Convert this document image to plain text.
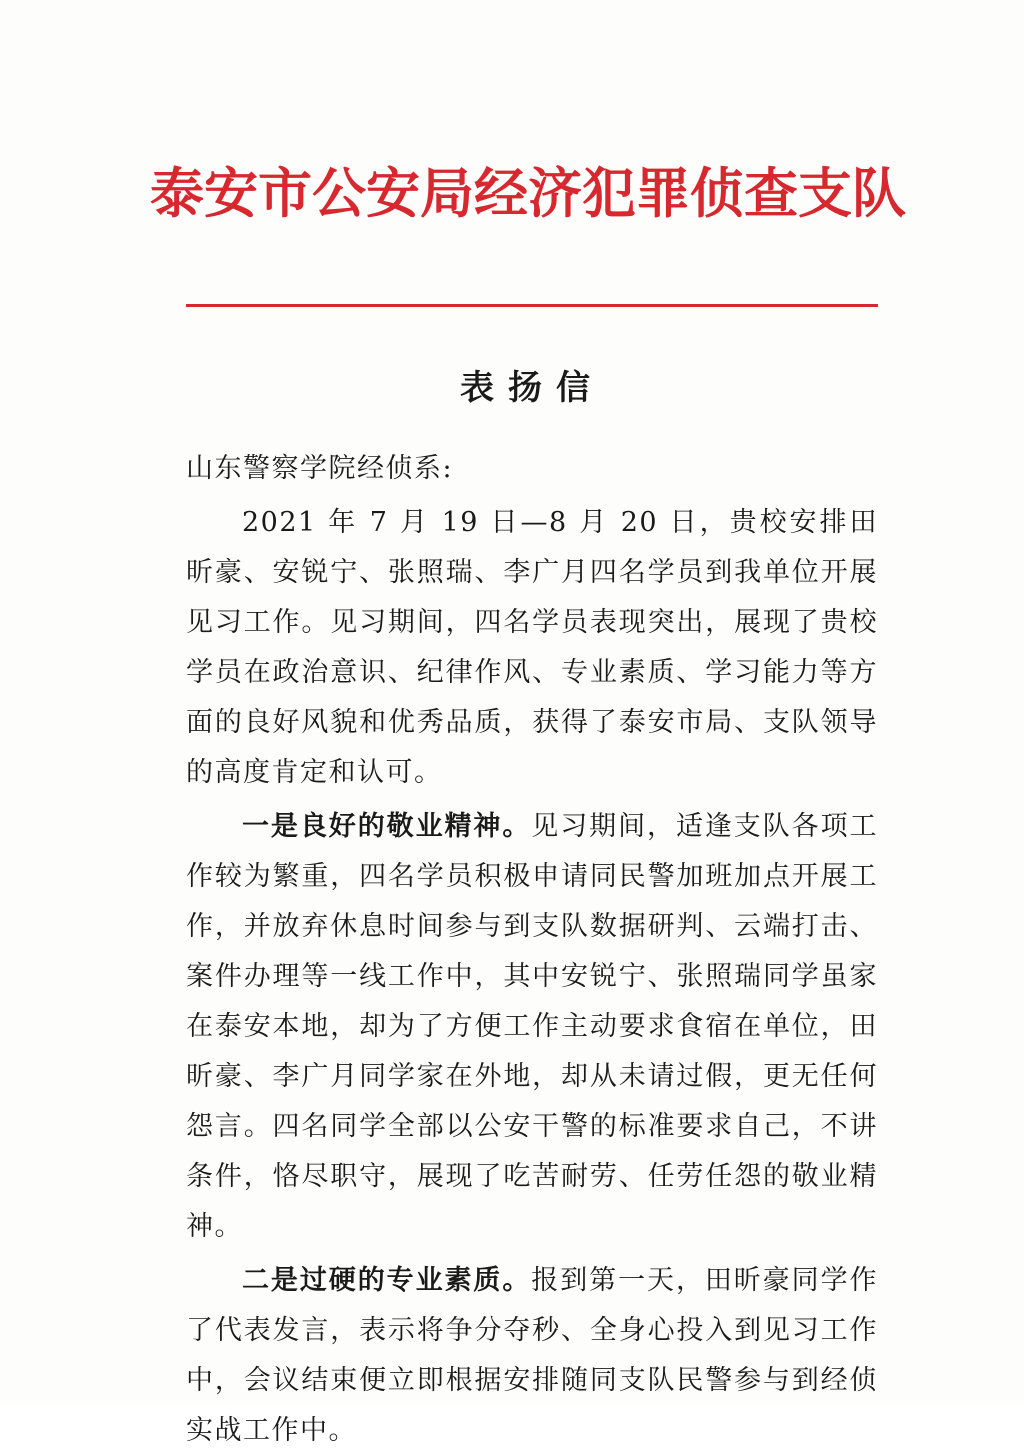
泰安市公安局经济犯罪侦查支队
表扬信

山东警察学院经侦系:

2021 年 7 月 19 日—8 月 20 日，贵校安排田昕豪、安锐宁、张照瑞、李广月四名学员到我单位开展见习工作。见习期间，四名学员表现突出，展现了贵校学员在政治意识、纪律作风、专业素质、学习能力等方面的良好风貌和优秀品质，获得了泰安市局、支队领导的高度肯定和认可。

一是良好的敬业精神。见习期间，适逢支队各项工作较为繁重，四名学员积极申请同民警加班加点开展工作，并放弃休息时间参与到支队数据研判、云端打击、案件办理等一线工作中，其中安锐宁、张照瑞同学虽家在泰安本地，却为了方便工作主动要求食宿在单位，田昕豪、李广月同学家在外地，却从未请过假，更无任何怨言。四名同学全部以公安干警的标准要求自己，不讲条件，恪尽职守，展现了吃苦耐劳、任劳任怨的敬业精神。

二是过硬的专业素质。报到第一天，田昕豪同学作了代表发言，表示将争分夺秒、全身心投入到见习工作中，会议结束便立即根据安排随同支队民警参与到经侦实战工作中。
